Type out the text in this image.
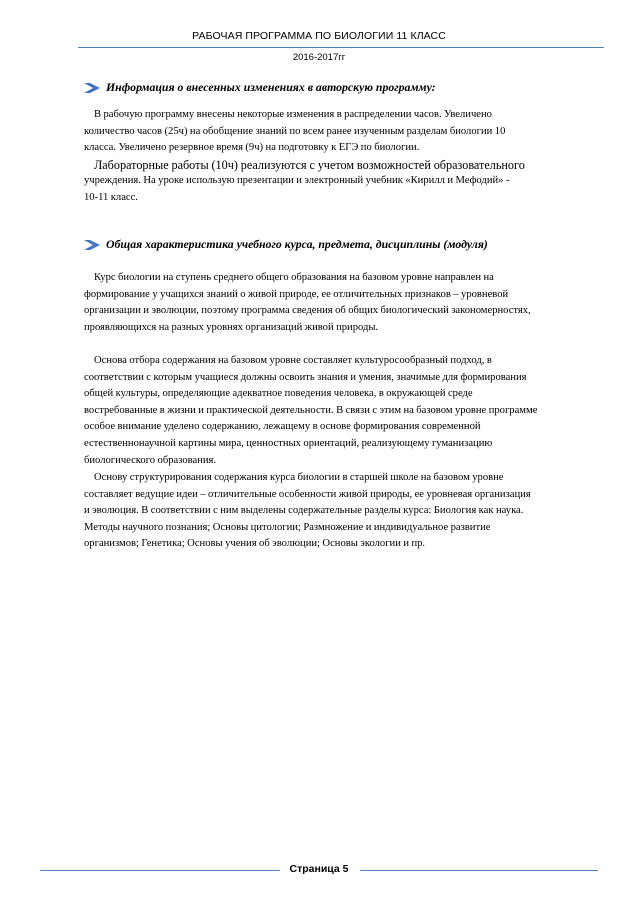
РАБОЧАЯ ПРОГРАММА ПО БИОЛОГИИ 11 КЛАСС
2016-2017гг
Информация о внесенных изменениях в авторскую программу:
В рабочую программу внесены некоторые изменения в распределении часов. Увеличено
количество часов (25ч) на обобщение знаний по всем ранее изученным разделам биологии 10
класса. Увеличено резервное время (9ч) на подготовку к ЕГЭ по биологии.
Лабораторные работы (10ч) реализуются с учетом возможностей образовательного
учреждения. На уроке использую презентации и электронный учебник «Кирилл и Мефодий» -
10-11 класс.
Общая характеристика учебного курса, предмета, дисциплины (модуля)
Курс биологии на ступень среднего общего образования на базовом уровне направлен на
формирование у учащихся знаний о живой природе, ее отличительных признаков – уровневой
организации и эволюции, поэтому программа сведения об общих биологический закономерностях,
проявляющихся на разных уровнях организаций живой природы.
Основа отбора содержания на базовом уровне составляет культуросообразный подход, в
соответствии с которым учащиеся должны освоить знания и умения, значимые для формирования
общей культуры, определяющие адекватное поведения человека, в окружающей среде
востребованные в жизни и практической деятельности. В связи с этим на базовом уровне программе
особое внимание уделено содержанию, лежащему в основе формирования современной
естественнонаучной картины мира, ценностных ориентаций, реализующему гуманизацию
биологического образования.
Основу структурирования содержания курса биологии в старшей школе на базовом уровне
составляет ведущие идеи – отличительные особенности живой природы, ее уровневая организация
и эволюция. В соответствии с ним выделены содержательные разделы курса: Биология как наука.
Методы научного познания; Основы цитологии; Размножение и индивидуальное развитие
организмов; Генетика; Основы учения об эволюции; Основы экологии и пр.
Страница 5
